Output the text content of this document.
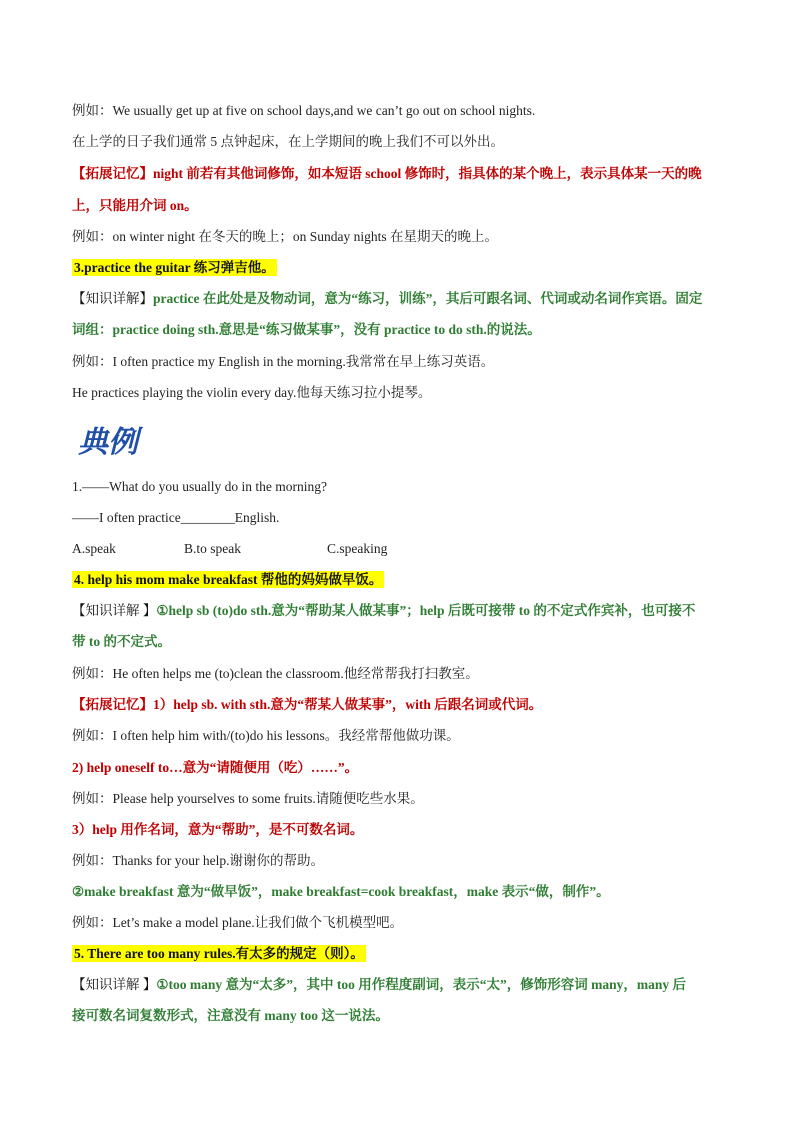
例如：We usually get up at five on school days,and we can’t go out on school nights.
在上学的日子我们通常 5 点钟起床，在上学期间的晚上我们不可以外出。
【拓展记忆】night 前若有其他词修饰，如本短语 school 修饰时，指具体的某个晚上，表示具体某一天的晚
上，只能用介词 on。
例如：on winter night 在冬天的晚上；on Sunday nights 在星期天的晚上。
3.practice the guitar 练习弹吉他。
【知识详解】practice 在此处是及物动词，意为“练习，训练”，其后可跟名词、代词或动名词作宾语。固定
词组：practice doing sth.意思是“练习做某事”，没有 practice to do sth.的说法。
例如：I often practice my English in the morning.我常常在早上练习英语。
He practices playing the violin every day.他每天练习拉小提琴。
典例
1.——What do you usually do in the morning?
——I often practice________English.
A.speak	B.to speak	C.speaking
4. help his mom make breakfast 帮他的妈妈做早饭。
【知识详解 】①help sb (to)do sth.意为“帮助某人做某事”；help 后既可接带 to 的不定式作宾补，也可接不
带 to 的不定式。
例如：He often helps me (to)clean the classroom.他经常帮我打扫教室。
【拓展记忆】1）help sb. with sth.意为“帮某人做某事”，with 后跟名词或代词。
例如：I often help him with/(to)do his lessons。我经常帮他做功课。
2) help oneself to…意为“请随便用（吃）……”。
例如：Please help yourselves to some fruits.请随便吃些水果。
3）help 用作名词，意为“帮助”，是不可数名词。
例如：Thanks for your help.谢谢你的帮助。
②make breakfast 意为“做早饭”，make breakfast=cook breakfast，make 表示“做，制作”。
例如：Let’s make a model plane.让我们做个飞机模型吧。
5. There are too many rules.有太多的规定（则）。
【知识详解 】①too many 意为“太多”，其中 too 用作程度副词，表示“太”，修饰形容词 many，many 后
接可数名词复数形式，注意没有 many too 这一说法。
